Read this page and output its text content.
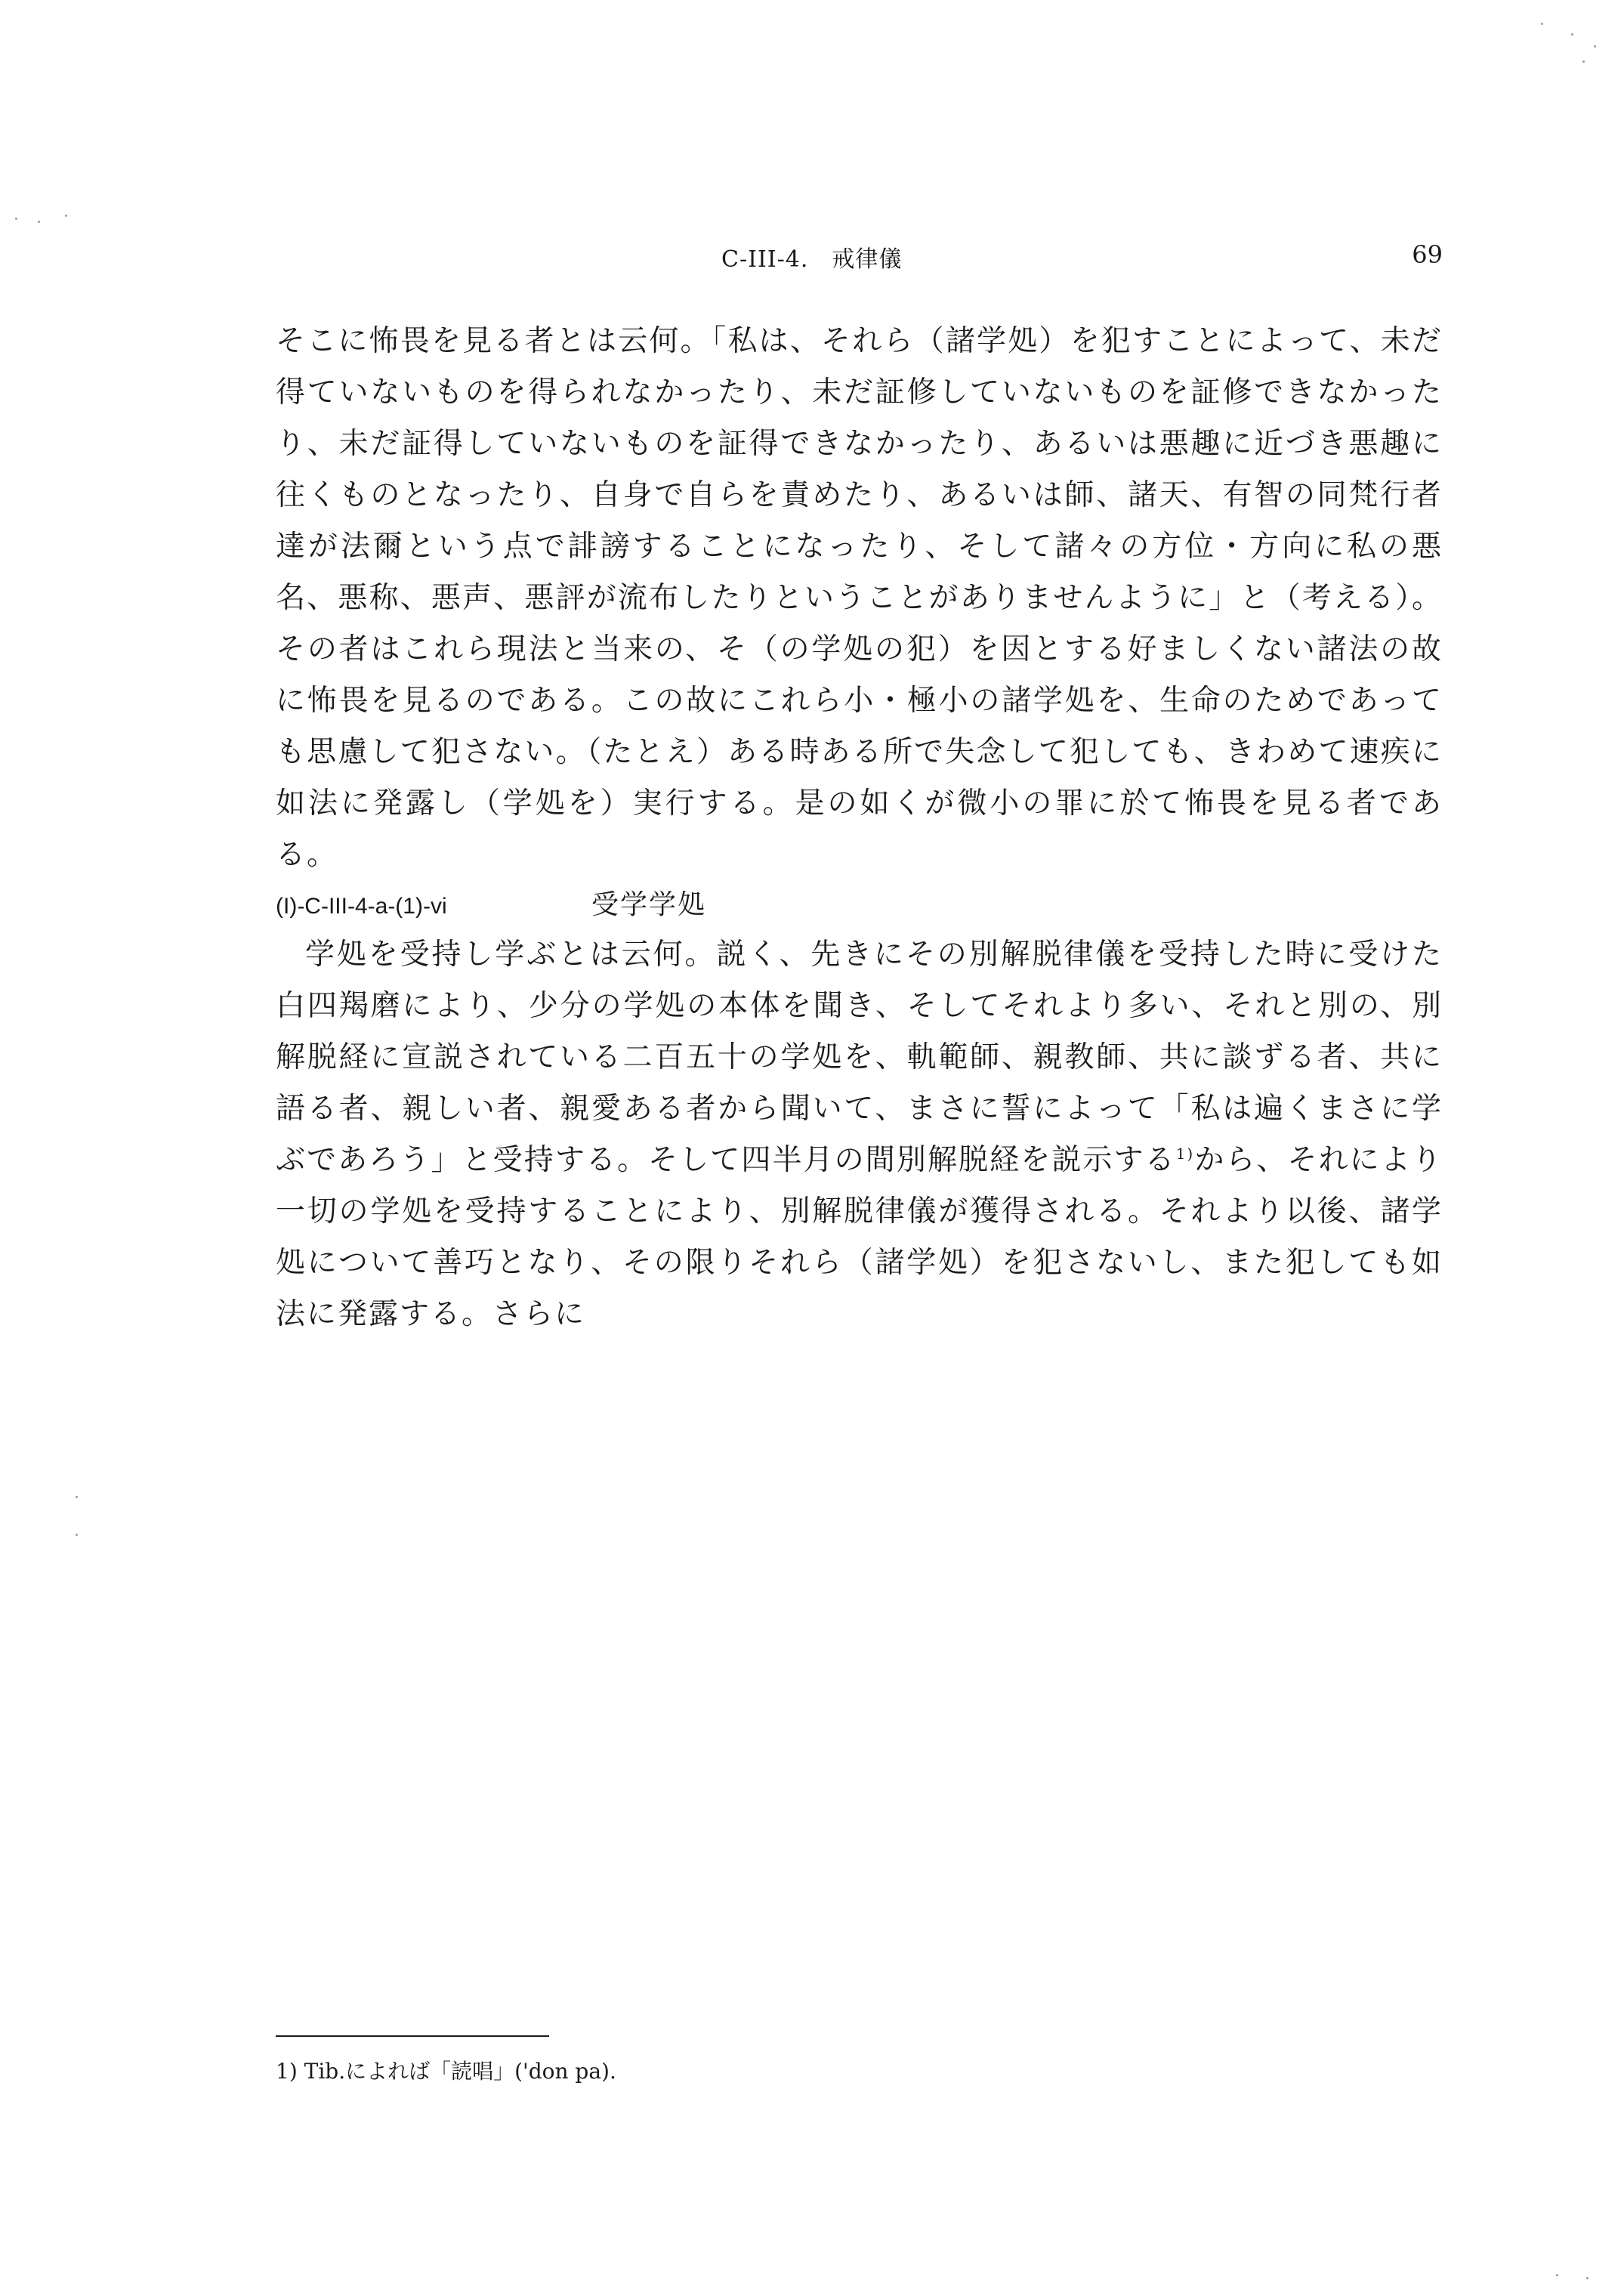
C-III-4.　戒律儀	69
そこに怖畏を見る者とは云何。「私は、それら（諸学処）を犯すことによって、未だ得ていないものを得られなかったり、未だ証修していないものを証修できなかったり、未だ証得していないものを証得できなかったり、あるいは悪趣に近づき悪趣に往くものとなったり、自身で自らを責めたり、あるいは師、諸天、有智の同梵行者達が法爾という点で誹謗することになったり、そして諸々の方位・方向に私の悪名、悪称、悪声、悪評が流布したりということがありませんように」と（考える）。その者はこれら現法と当来の、そ（の学処の犯）を因とする好ましくない諸法の故に怖畏を見るのである。この故にこれら小・極小の諸学処を、生命のためであっても思慮して犯さない。（たとえ）ある時ある所で失念して犯しても、きわめて速疾に如法に発露し（学処を）実行する。是の如くが微小の罪に於て怖畏を見る者である。
(I)-C-III-4-a-(1)-vi	受学学処
学処を受持し学ぶとは云何。説く、先きにその別解脱律儀を受持した時に受けた白四羯磨により、少分の学処の本体を聞き、そしてそれより多い、それと別の、別解脱経に宣説されている二百五十の学処を、軌範師、親教師、共に談ずる者、共に語る者、親しい者、親愛ある者から聞いて、まさに誓によって「私は遍くまさに学ぶであろう」と受持する。そして四半月の間別解脱経を説示する$^{1)}$から、それにより一切の学処を受持することにより、別解脱律儀が獲得される。それより以後、諸学処について善巧となり、その限りそれら（諸学処）を犯さないし、また犯しても如法に発露する。さらに
1) Tib.によれば「読唱」('don pa).
